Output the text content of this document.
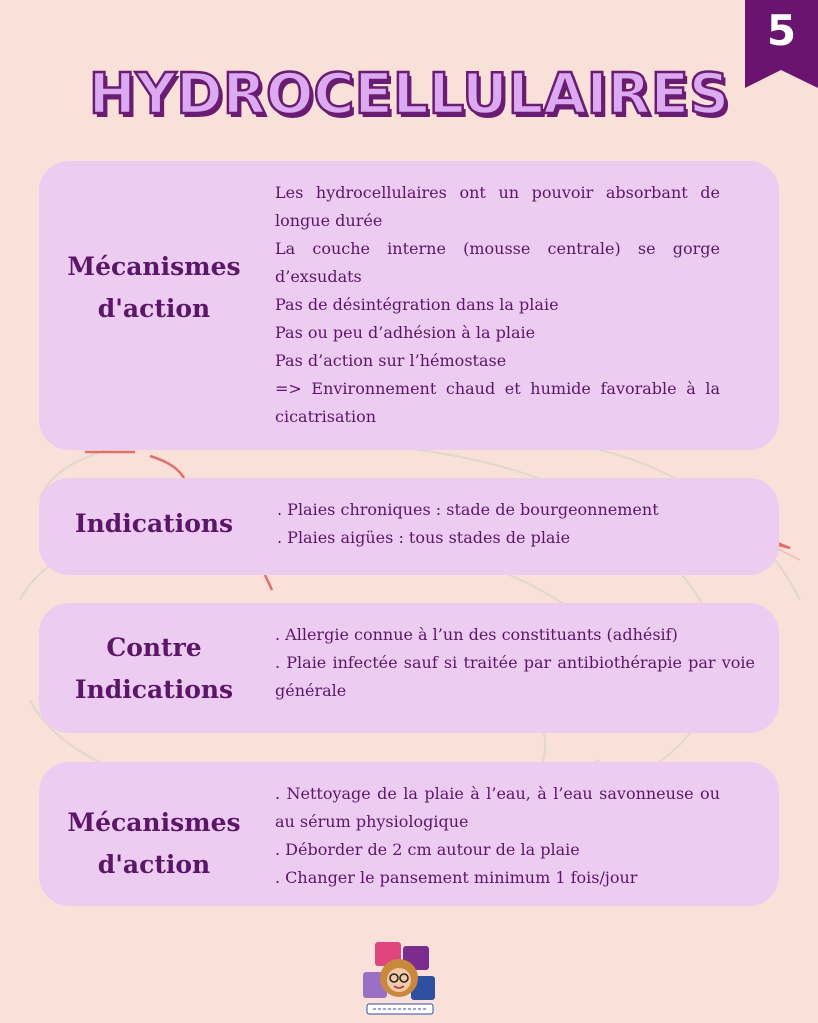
5
HYDROCELLULAIRES
Mécanismes
d'action
Les hydrocellulaires ont un pouvoir absorbant de longue durée
La couche interne (mousse centrale) se gorge d’exsudats
Pas de désintégration dans la plaie
Pas ou peu d’adhésion à la plaie
Pas d’action sur l’hémostase
=> Environnement chaud et humide favorable à la cicatrisation
Indications	. Plaies chroniques : stade de bourgeonnement
. Plaies aigües : tous stades de plaie
Contre
Indications
. Allergie connue à l’un des constituants (adhésif)
. Plaie infectée sauf si traitée par antibiothérapie par voie générale
Mécanismes
d'action
. Nettoyage de la plaie à l’eau, à l’eau savonneuse ou au sérum physiologique
. Déborder de 2 cm autour de la plaie
. Changer le pansement minimum 1 fois/jour
